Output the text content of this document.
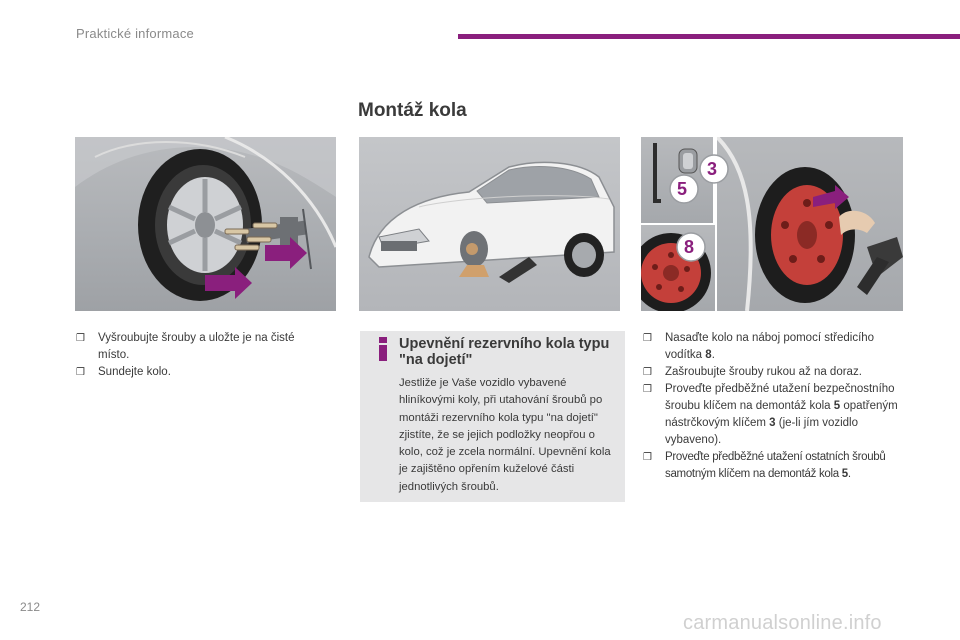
Praktické informace
Montáž kola
3
5
8
❒ Vyšroubujte šrouby a uložte je na čisté místo.
❒ Sundejte kolo.
Upevnění rezervního kola typu "na dojetí"
Jestliže je Vaše vozidlo vybavené hliníkovými koly, při utahování šroubů po montáži rezervního kola typu "na dojetí" zjistíte, že se jejich podložky neopřou o kolo, což je zcela normální. Upevnění kola je zajištěno opřením kuželové části jednotlivých šroubů.
❒ Nasaďte kolo na náboj pomocí středicího vodítka 8.
❒ Zašroubujte šrouby rukou až na doraz.
❒ Proveďte předběžné utažení bezpečnostního šroubu klíčem na demontáž kola 5 opatřeným nástrčkovým klíčem 3 (je-li jím vozidlo vybaveno).
❒ Proveďte předběžné utažení ostatních šroubů samotným klíčem na demontáž kola 5.
212
carmanualsonline.info
